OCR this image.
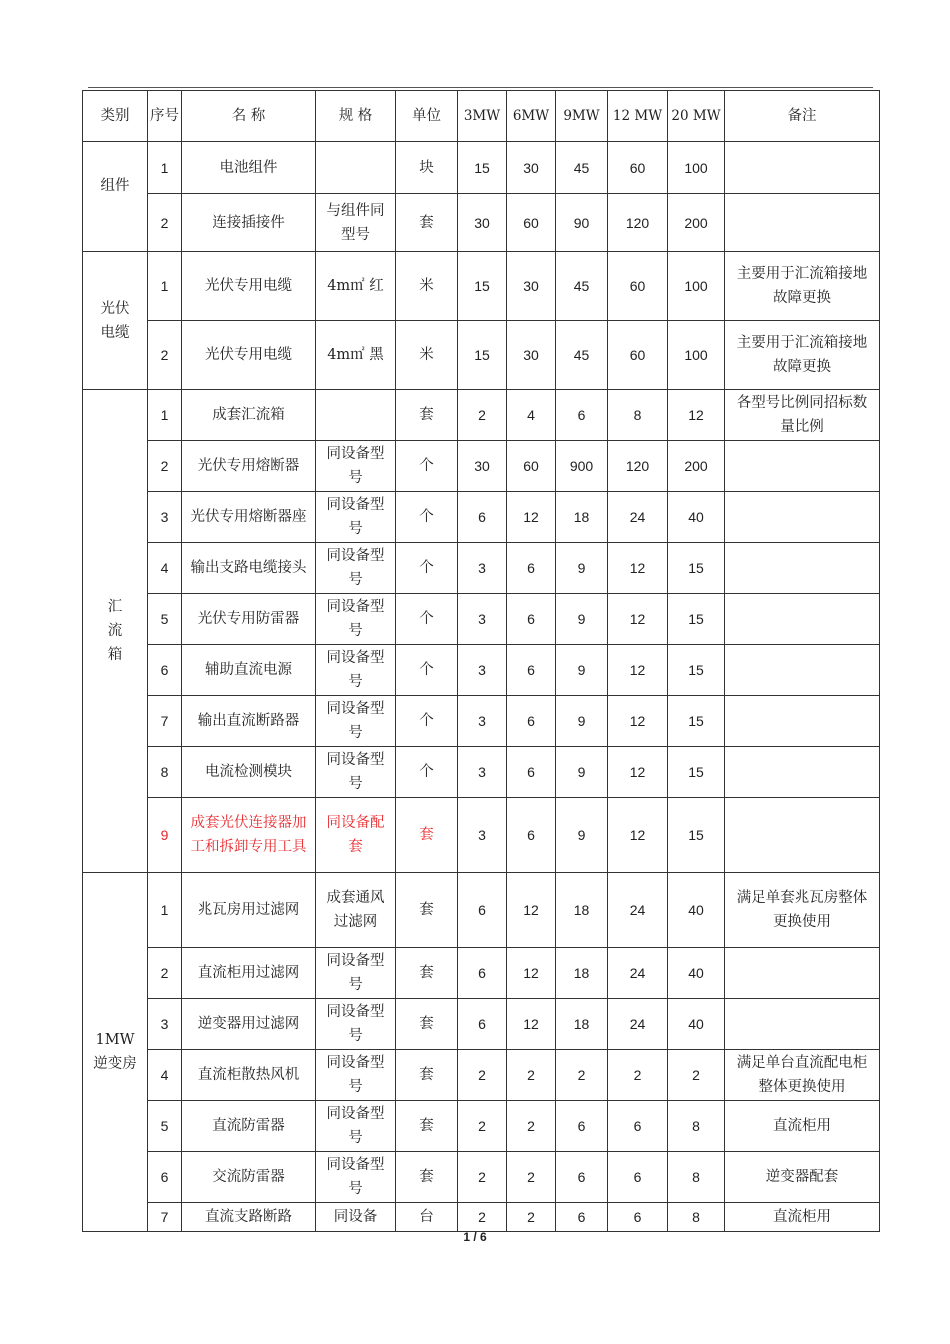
类别	序号	名 称	规 格	单位	3MW	6MW	9MW	12 MW	20 MW	备注
组件	1	电池组件		块	15	30	45	60	100	
	2	连接插接件	与组件同型号	套	30	60	90	120	200	
光伏电缆	1	光伏专用电缆	4m㎡ 红	米	15	30	45	60	100	主要用于汇流箱接地故障更换
	2	光伏专用电缆	4m㎡ 黑	米	15	30	45	60	100	主要用于汇流箱接地故障更换
汇流箱	1	成套汇流箱		套	2	4	6	8	12	各型号比例同招标数量比例
	2	光伏专用熔断器	同设备型号	个	30	60	900	120	200	
	3	光伏专用熔断器座	同设备型号	个	6	12	18	24	40	
	4	输出支路电缆接头	同设备型号	个	3	6	9	12	15	
	5	光伏专用防雷器	同设备型号	个	3	6	9	12	15	
	6	辅助直流电源	同设备型号	个	3	6	9	12	15	
	7	输出直流断路器	同设备型号	个	3	6	9	12	15	
	8	电流检测模块	同设备型号	个	3	6	9	12	15	
	9	成套光伏连接器加工和拆卸专用工具	同设备配套	套	3	6	9	12	15	
1MW 逆变房	1	兆瓦房用过滤网	成套通风过滤网	套	6	12	18	24	40	满足单套兆瓦房整体更换使用
	2	直流柜用过滤网	同设备型号	套	6	12	18	24	40	
	3	逆变器用过滤网	同设备型号	套	6	12	18	24	40	
	4	直流柜散热风机	同设备型号	套	2	2	2	2	2	满足单台直流配电柜整体更换使用
	5	直流防雷器	同设备型号	套	2	2	6	6	8	直流柜用
	6	交流防雷器	同设备型号	套	2	2	6	6	8	逆变器配套
	7	直流支路断路	同设备	台	2	2	6	6	8	直流柜用
1 / 6
